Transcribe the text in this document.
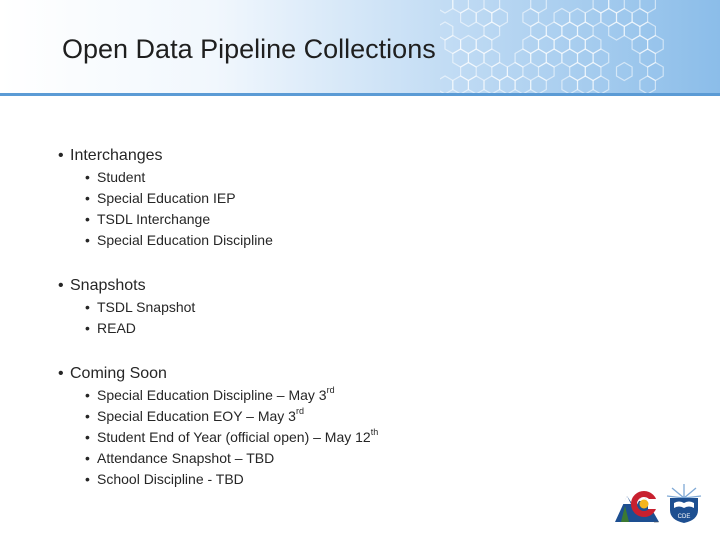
Open Data Pipeline Collections
• Interchanges
• Student
• Special Education IEP
• TSDL Interchange
• Special Education Discipline
• Snapshots
• TSDL Snapshot
• READ
• Coming Soon
• Special Education Discipline – May 3rd
• Special Education EOY – May 3rd
• Student End of Year (official open) – May 12th
• Attendance Snapshot – TBD
• School Discipline - TBD
CO
CDE
